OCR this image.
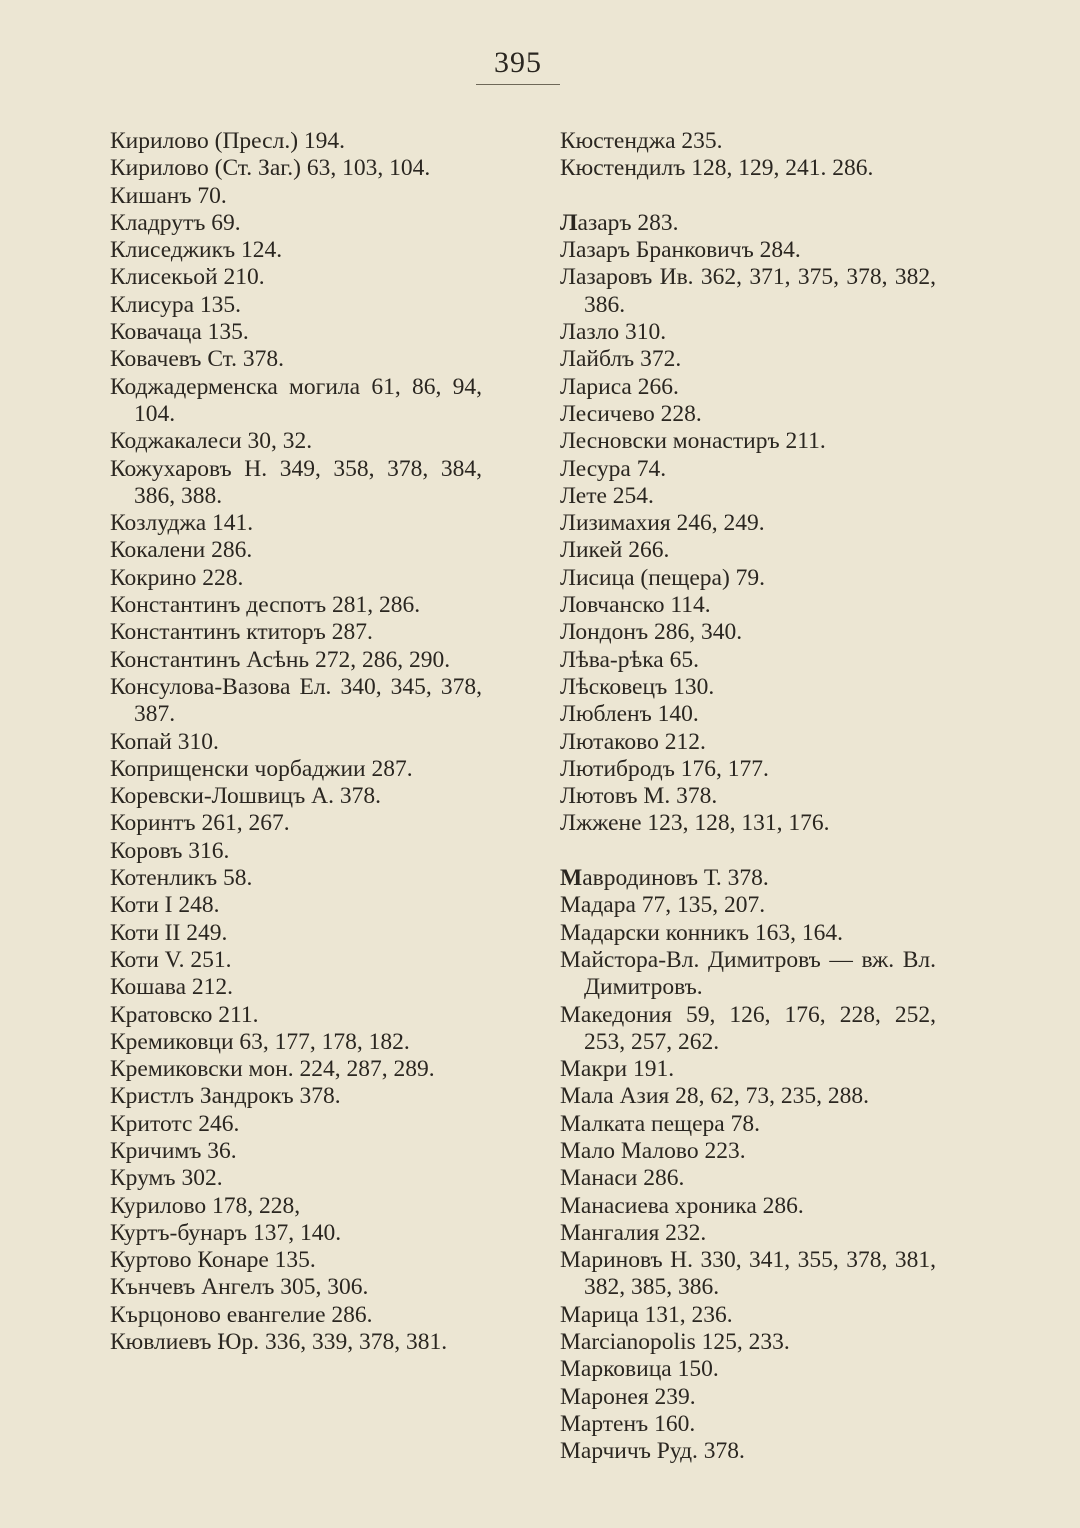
395
Кирилово (Пресл.) 194.
Кирилово (Ст. Заг.) 63, 103, 104.
Кишанъ 70.
Кладрутъ 69.
Клиседжикъ 124.
Клисекьой 210.
Клисура 135.
Ковачаца 135.
Ковачевъ Ст. 378.
Коджадерменска могила 61, 86, 94, 104.
Коджакалеси 30, 32.
Кожухаровъ Н. 349, 358, 378, 384, 386, 388.
Козлуджа 141.
Кокалени 286.
Кокрино 228.
Константинъ деспотъ 281, 286.
Константинъ ктиторъ 287.
Константинъ Асѣнь 272, 286, 290.
Консулова-Вазова Ел. 340, 345, 378, 387.
Копай 310.
Коприщенски чорбаджии 287.
Коревски-Лошвицъ А. 378.
Коринтъ 261, 267.
Коровъ 316.
Котенликъ 58.
Коти I 248.
Коти II 249.
Коти V. 251.
Кошава 212.
Кратовско 211.
Кремиковци 63, 177, 178, 182.
Кремиковски мон. 224, 287, 289.
Кристлъ Зандрокъ 378.
Критотс 246.
Кричимъ 36.
Крумъ 302.
Курилово 178, 228,
Куртъ-бунаръ 137, 140.
Куртово Конаре 135.
Кънчевъ Ангелъ 305, 306.
Кърцоново евангелие 286.
Кювлиевъ Юр. 336, 339, 378, 381.
Кюстенджа 235.
Кюстендилъ 128, 129, 241. 286.
Лазаръ 283.
Лазаръ Бранковичъ 284.
Лазаровъ Ив. 362, 371, 375, 378, 382, 386.
Лазло 310.
Лайблъ 372.
Лариса 266.
Лесичево 228.
Лесновски монастиръ 211.
Лесура 74.
Лете 254.
Лизимахия 246, 249.
Ликей 266.
Лисица (пещера) 79.
Ловчанско 114.
Лондонъ 286, 340.
Лѣва-рѣка 65.
Лѣсковецъ 130.
Любленъ 140.
Лютаково 212.
Лютибродъ 176, 177.
Лютовъ М. 378.
Лжжене 123, 128, 131, 176.
Мавродиновъ Т. 378.
Мадара 77, 135, 207.
Мадарски конникъ 163, 164.
Майстора-Вл. Димитровъ — вж. Вл. Димитровъ.
Македония 59, 126, 176, 228, 252, 253, 257, 262.
Макри 191.
Мала Азия 28, 62, 73, 235, 288.
Малката пещера 78.
Мало Малово 223.
Манаси 286.
Манасиева хроника 286.
Мангалия 232.
Мариновъ Н. 330, 341, 355, 378, 381, 382, 385, 386.
Марица 131, 236.
Marcianopolis 125, 233.
Марковица 150.
Маронея 239.
Мартенъ 160.
Марчичъ Руд. 378.
